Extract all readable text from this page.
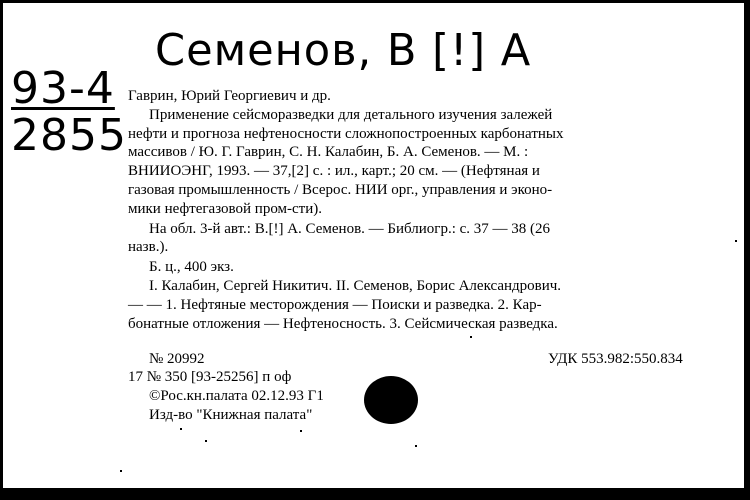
Семенов, В [!] А
93-4
2855
Гаврин, Юрий Георгиевич и др.
Применение сейсморазведки для детального изучения залежей
нефти и прогноза нефтеносности сложнопостроенных карбонатных
массивов / Ю. Г. Гаврин, С. Н. Калабин, Б. А. Семенов. — М. :
ВНИИОЭНГ, 1993. — 37,[2] с. : ил., карт.; 20 см. — (Нефтяная и
газовая промышленность / Всерос. НИИ орг., управления и эконо-
мики нефтегазовой пром-сти).
На обл. 3-й авт.: В.[!] А. Семенов. — Библиогр.: с. 37 — 38 (26
назв.).
Б. ц., 400 экз.
I. Калабин, Сергей Никитич. II. Семенов, Борис Александрович.
— — 1. Нефтяные месторождения — Поиски и разведка. 2. Кар-
бонатные отложения — Нефтеносность. 3. Сейсмическая разведка.
№ 20992	УДК 553.982:550.834
17 № 350 [93-25256] п оф
©Рос.кн.палата 02.12.93 Г1
Изд-во "Книжная палата"
